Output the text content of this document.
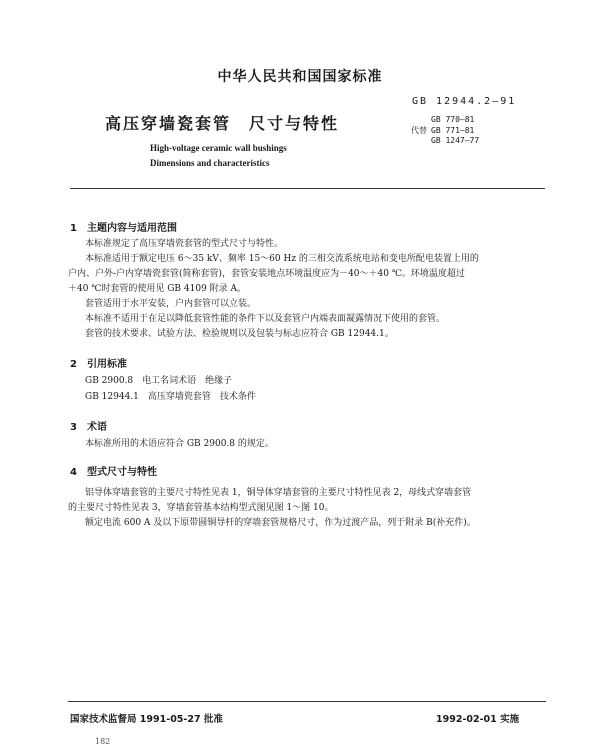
中华人民共和国国家标准
GB 12944.2—91
高压穿墙瓷套管　尺寸与特性
High-voltage ceramic wall bushings
Dimensions and characteristics
代替
GB 770—81
GB 771—81
GB 1247—77
1　主题内容与适用范围
本标准规定了高压穿墙瓷套管的型式尺寸与特性。
本标准适用于额定电压 6～35 kV、频率 15～60 Hz 的三相交流系统电站和变电所配电装置上用的
户内、户外-户内穿墙瓷套管(简称套管)，套管安装地点环境温度应为－40～＋40 ℃。环境温度超过
＋40 ℃时套管的使用见 GB 4109 附录 A。
套管适用于水平安装，户内套管可以立装。
本标准不适用于在足以降低套管性能的条件下以及套管户内端表面凝露情况下使用的套管。
套管的技术要求、试验方法、检验规则以及包装与标志应符合 GB 12944.1。
2　引用标准
GB 2900.8　电工名词术语　绝缘子
GB 12944.1　高压穿墙瓷套管　技术条件
3　术语
本标准所用的术语应符合 GB 2900.8 的规定。
4　型式尺寸与特性
铝导体穿墙套管的主要尺寸特性见表 1，铜导体穿墙套管的主要尺寸特性见表 2，母线式穿墙套管
的主要尺寸特性见表 3，穿墙套管基本结构型式图见图 1～图 10。
额定电流 600 A 及以下原带圆铜导杆的穿墙套管规格尺寸，作为过渡产品，列于附录 B(补充件)。
国家技术监督局 1991-05-27 批准	1992-02-01 实施
182
